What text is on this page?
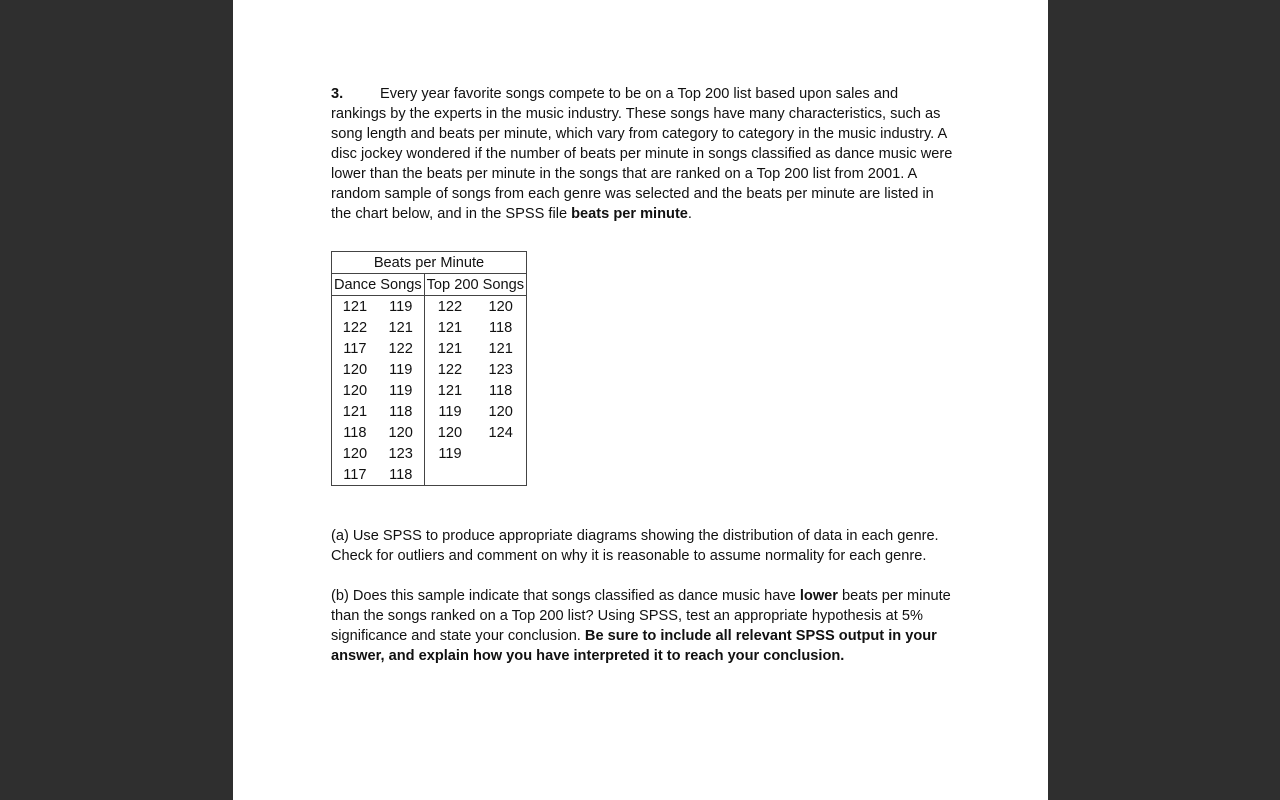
3.	Every year favorite songs compete to be on a Top 200 list based upon sales and rankings by the experts in the music industry. These songs have many characteristics, such as song length and beats per minute, which vary from category to category in the music industry. A disc jockey wondered if the number of beats per minute in songs classified as dance music were lower than the beats per minute in the songs that are ranked on a Top 200 list from 2001. A random sample of songs from each genre was selected and the beats per minute are listed in the chart below, and in the SPSS file beats per minute.

Beats per Minute			
Dance Songs		Top 200 Songs	
121	119	122	120
122	121	121	118
117	122	121	121
120	119	122	123
120	119	121	118
121	118	119	120
118	120	120	124
120	123	119	
117	118		

(a) Use SPSS to produce appropriate diagrams showing the distribution of data in each genre. Check for outliers and comment on why it is reasonable to assume normality for each genre.

(b) Does this sample indicate that songs classified as dance music have lower beats per minute than the songs ranked on a Top 200 list? Using SPSS, test an appropriate hypothesis at 5% significance and state your conclusion. Be sure to include all relevant SPSS output in your answer, and explain how you have interpreted it to reach your conclusion.
